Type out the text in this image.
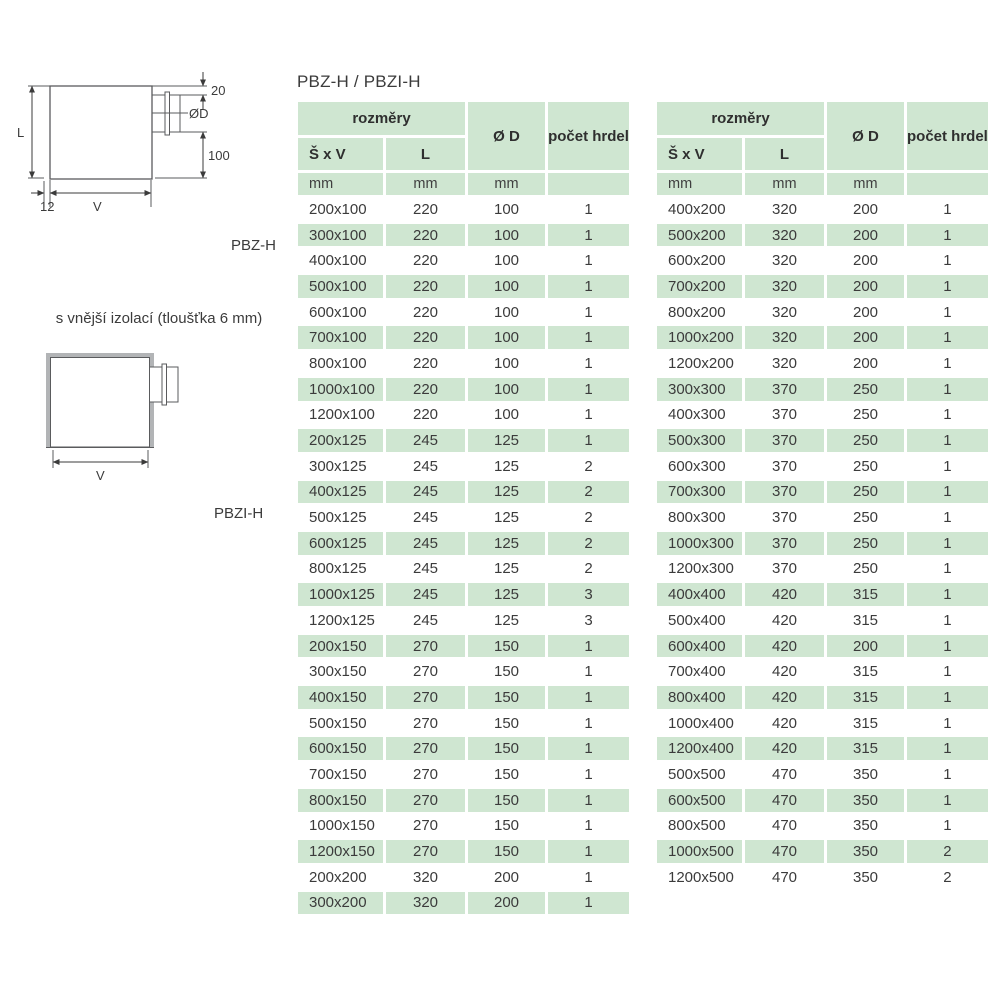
PBZ-H / PBZI-H
20
ØD
100
L
12	V
PBZ-H
s vnější izolací (tloušťka 6 mm)
V
PBZI-H
rozměry		Ø D	počet hrdel
Š x V	L		
mm	mm	mm	
200x100	220	100	1
300x100	220	100	1
400x100	220	100	1
500x100	220	100	1
600x100	220	100	1
700x100	220	100	1
800x100	220	100	1
1000x100	220	100	1
1200x100	220	100	1
200x125	245	125	1
300x125	245	125	2
400x125	245	125	2
500x125	245	125	2
600x125	245	125	2
800x125	245	125	2
1000x125	245	125	3
1200x125	245	125	3
200x150	270	150	1
300x150	270	150	1
400x150	270	150	1
500x150	270	150	1
600x150	270	150	1
700x150	270	150	1
800x150	270	150	1
1000x150	270	150	1
1200x150	270	150	1
200x200	320	200	1
300x200	320	200	1
rozměry		Ø D	počet hrdel
Š x V	L		
mm	mm	mm	
400x200	320	200	1
500x200	320	200	1
600x200	320	200	1
700x200	320	200	1
800x200	320	200	1
1000x200	320	200	1
1200x200	320	200	1
300x300	370	250	1
400x300	370	250	1
500x300	370	250	1
600x300	370	250	1
700x300	370	250	1
800x300	370	250	1
1000x300	370	250	1
1200x300	370	250	1
400x400	420	315	1
500x400	420	315	1
600x400	420	200	1
700x400	420	315	1
800x400	420	315	1
1000x400	420	315	1
1200x400	420	315	1
500x500	470	350	1
600x500	470	350	1
800x500	470	350	1
1000x500	470	350	2
1200x500	470	350	2
